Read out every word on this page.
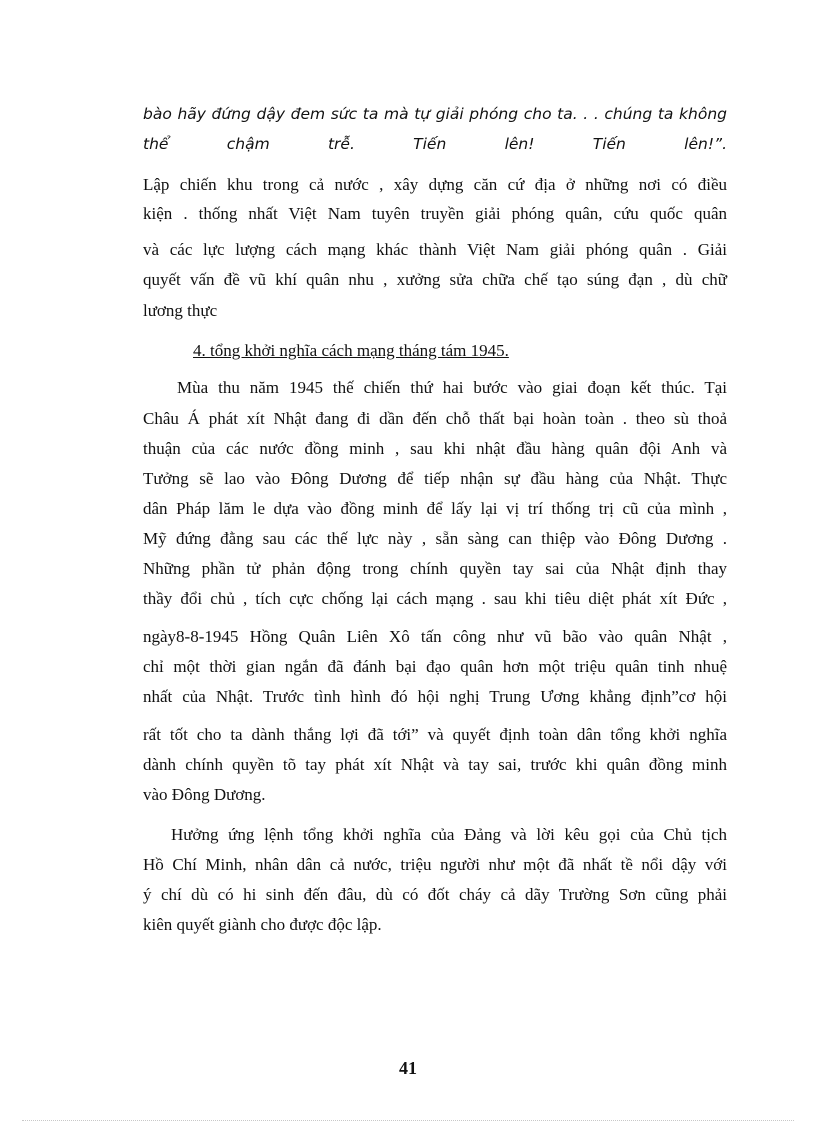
bào hãy đứng dậy đem sức ta mà tự giải phóng cho ta. . . chúng ta không
thể chậm trễ. Tiến lên! Tiến lên!”.
Lập chiến khu trong cả nước , xây dựng căn cứ địa ở những nơi có điều
kiện . thống nhất Việt Nam tuyên truyền giải phóng quân, cứu quốc quân
và các lực lượng cách mạng khác thành Việt Nam giải phóng quân . Giải
quyết vấn đề vũ khí quân nhu , xưởng sửa chữa chế tạo súng đạn , dù chữ
lương thực
4. tổng khởi nghĩa cách mạng tháng tám 1945.
Mùa thu năm 1945 thế chiến thứ hai bước vào giai đoạn kết thúc. Tại
Châu Á phát xít Nhật đang đi dần đến chỗ thất bại hoàn toàn . theo sù thoả
thuận của các nước đồng minh , sau khi nhật đầu hàng quân đội Anh và
Tưởng sẽ lao vào Đông Dương để tiếp nhận sự đầu hàng của Nhật. Thực
dân Pháp lăm le dựa vào đồng minh để lấy lại vị trí thống trị cũ của mình ,
Mỹ đứng đằng sau các thế lực này , sẵn sàng can thiệp vào Đông Dương .
Những phần tử phản động trong chính quyền tay sai của Nhật định thay
thầy đổi chủ , tích cực chống lại cách mạng . sau khi tiêu diệt phát xít Đức ,
ngày8-8-1945 Hồng Quân Liên Xô tấn công như vũ bão vào quân Nhật ,
chỉ một thời gian ngắn đã đánh bại đạo quân hơn một triệu quân tinh nhuệ
nhất của Nhật. Trước tình hình đó hội nghị Trung Ương khẳng định”cơ hội
rất tốt cho ta dành thắng lợi đã tới” và quyết định toàn dân tổng khởi nghĩa
dành chính quyền tõ tay phát xít Nhật và tay sai, trước khi quân đồng minh
vào Đông Dương.
Hưởng ứng lệnh tổng khởi nghĩa của Đảng và lời kêu gọi của Chủ tịch
Hồ Chí Minh, nhân dân cả nước, triệu người như một đã nhất tề nổi dậy với
ý chí dù có hi sinh đến đâu, dù có đốt cháy cả dãy Trường Sơn cũng phải
kiên quyết giành cho được độc lập.
41
